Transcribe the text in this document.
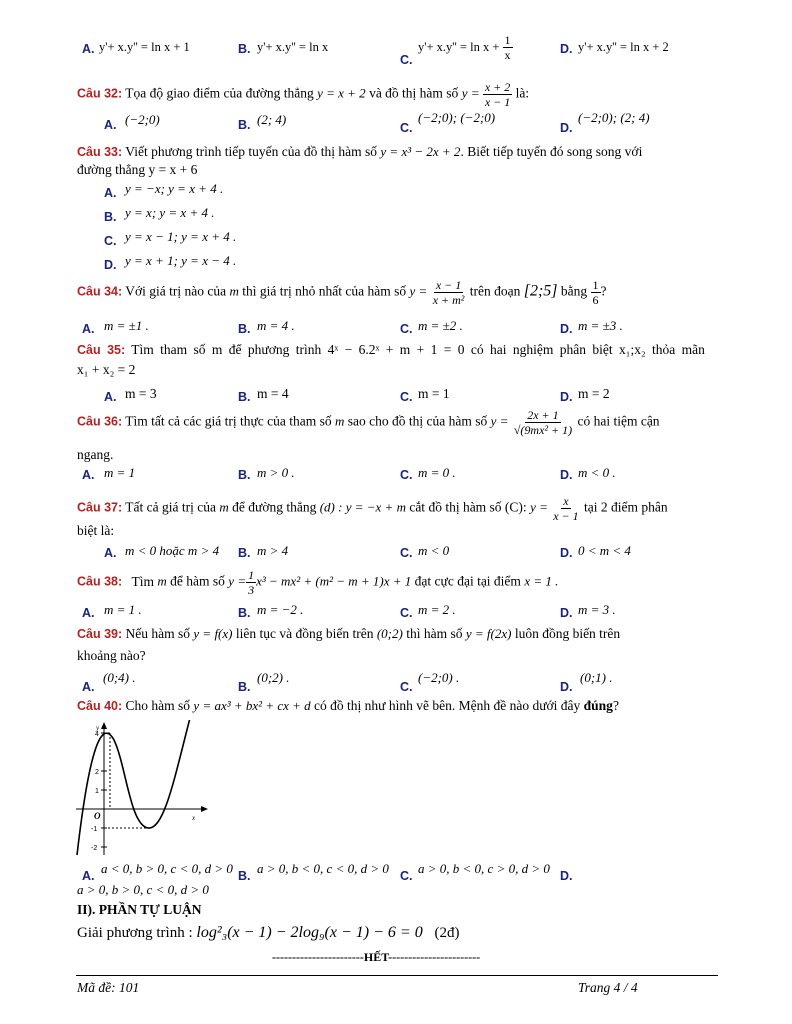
A. y'+ x.y'' = ln x + 1	B. y'+ x.y'' = ln x
C.
$y'+ x.y'' = \ln x + \frac{1}{x}$	D. y'+ x.y'' = ln x + 2
Câu 32: Tọa độ giao điểm của đường thẳng y = x + 2 và đồ thị hàm số $y = \frac{x + 2}{x - 1}$ là:
A. (−2;0)	B. (2; 4)
C.
(−2;0); (−2;0)
D.
(−2;0); (2; 4)
Câu 33: Viết phương trình tiếp tuyến của đồ thị hàm số y = x³ − 2x + 2. Biết tiếp tuyến đó song song với
đường thẳng y = x + 6
A. y = −x; y = x + 4 .
B. y = x; y = x + 4 .
C. y = x − 1; y = x + 4 .
D. y = x + 1; y = x − 4 .
Câu 34: Với giá trị nào của m thì giá trị nhỏ nhất của hàm số $y = \frac{x - 1}{\text{x + m²}}$ trên đoạn [2;5] bằng $\frac{1}{6}$ ?
A. m = ±1 .	B. m = 4 .	C. m = ±2 .	D. m = ±3 .
Câu 35: Tìm tham số m để phương trình 4ˣ − 6.2ˣ + m + 1 = 0 có hai nghiệm phân biệt x₁;x₂ thỏa mãn
x₁ + x₂ = 2
A. m = 3	B. m = 4	C. m = 1	D. m = 2
Câu 36: Tìm tất cả các giá trị thực của tham số m sao cho đồ thị của hàm số $y = \frac{2x + 1}{\text{√(9mx² + 1)}}$ có hai tiệm cận
ngang.
A. m = 1	B. m > 0 .	C. m = 0 .	D. m < 0 .
Câu 37: Tất cả giá trị của m để đường thẳng (d) : y = −x + m cắt đồ thị hàm số (C): $y = \frac{x}{x - 1}$ tại 2 điểm phân
biệt là:
A. m < 0 hoặc m > 4 B. m > 4	C. m < 0	D. 0 < m < 4
Câu 38: Tìm m để hàm số $y = \frac{1}{3} x^3 - mx^2 + (m^2 - m + 1)x + 1$ đạt cực đại tại điểm x = 1 .
A. m = 1 .	B. m = −2 .	C. m = 2 .	D. m = 3 .
Câu 39: Nếu hàm số y = f(x) liên tục và đồng biến trên (0;2) thì hàm số y = f(2x) luôn đồng biến trên
khoảng nào?
A.
(0;4) .
B.
(0;2) .
C.
(−2;0) .
D.
(0;1) .
Câu 40: Cho hàm số y = ax³ + bx² + cx + d có đồ thị như hình vẽ bên. Mệnh đề nào dưới đây đúng?
y
x
O
4
2
1
-1
-2
A. a < 0, b > 0, c < 0, d > 0 B. a > 0, b < 0, c < 0, d > 0 C. a > 0, b < 0, c > 0, d > 0 D.
a > 0, b > 0, c < 0, d > 0
II). PHẦN TỰ LUẬN
Giải phương trình : log²₃(x − 1) − 2log₉(x − 1) − 6 = 0 (2đ)
-----------------------HẾT-----------------------
Mã đề: 101	Trang 4 / 4
